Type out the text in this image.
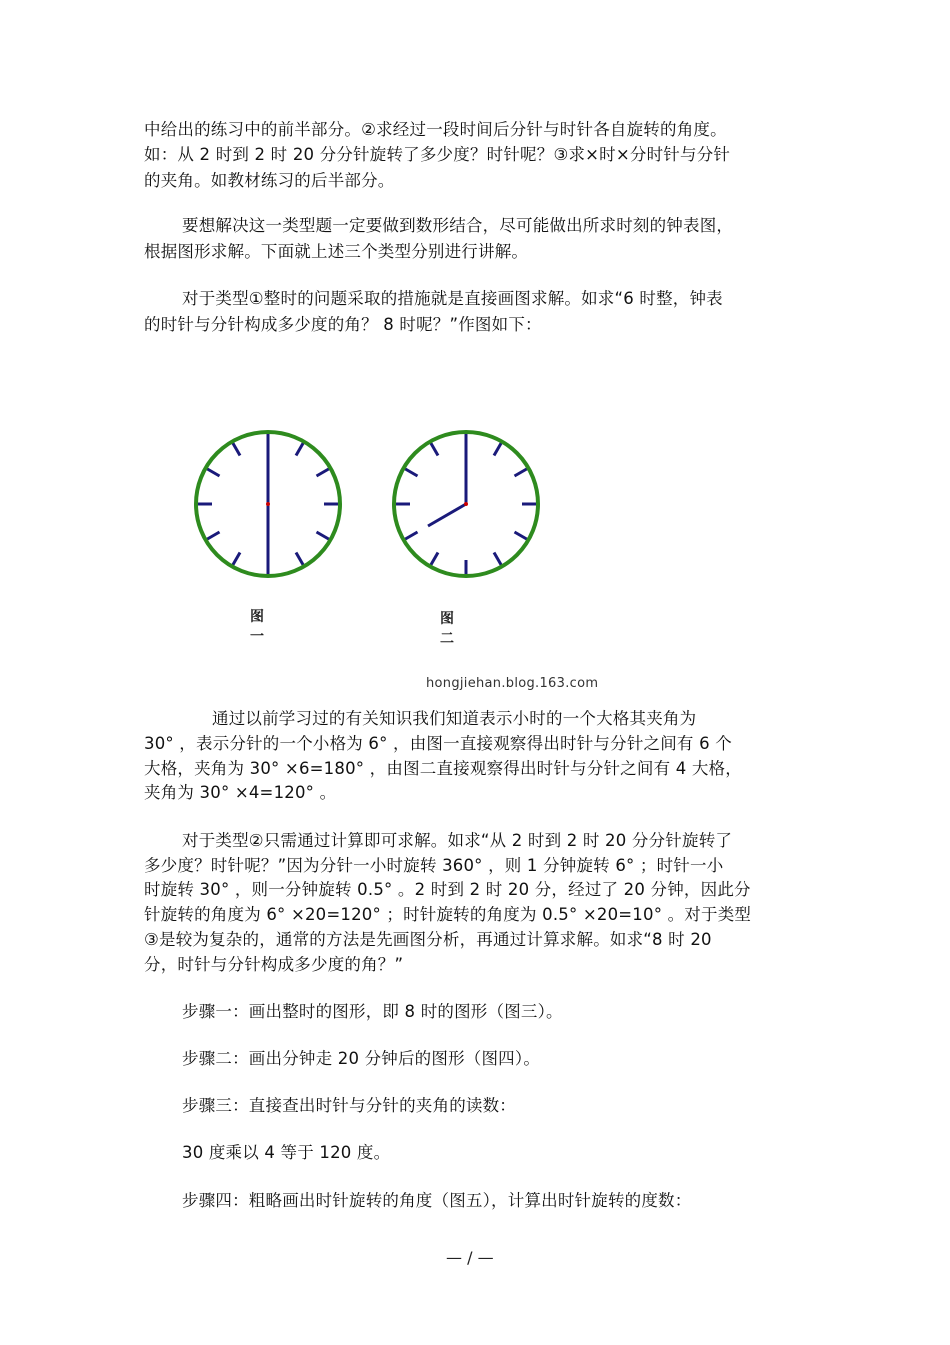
中给出的练习中的前半部分。②求经过一段时间后分针与时针各自旋转的角度。
如：从 2 时到 2 时 20 分分针旋转了多少度？时针呢？③求×时×分时针与分针
的夹角。如教材练习的后半部分。
要想解决这一类型题一定要做到数形结合，尽可能做出所求时刻的钟表图，
根据图形求解。下面就上述三个类型分别进行讲解。
对于类型①整时的问题采取的措施就是直接画图求解。如求“6 时整，钟表
的时针与分针构成多少度的角？ 8 时呢？”作图如下：
图一
图二
hongjiehan.blog.163.com
通过以前学习过的有关知识我们知道表示小时的一个大格其夹角为
30° ，表示分针的一个小格为 6° ，由图一直接观察得出时针与分针之间有 6 个
大格，夹角为 30° ×6=180° ，由图二直接观察得出时针与分针之间有 4 大格，
夹角为 30° ×4=120° 。
对于类型②只需通过计算即可求解。如求“从 2 时到 2 时 20 分分针旋转了
多少度？时针呢？”因为分针一小时旋转 360° ，则 1 分钟旋转 6° ；时针一小
时旋转 30° ，则一分钟旋转 0.5° 。2 时到 2 时 20 分，经过了 20 分钟，因此分
针旋转的角度为 6° ×20=120° ；时针旋转的角度为 0.5° ×20=10° 。对于类型
③是较为复杂的，通常的方法是先画图分析，再通过计算求解。如求“8 时 20
分，时针与分针构成多少度的角？”
步骤一：画出整时的图形，即 8 时的图形（图三）。
步骤二：画出分钟走 20 分钟后的图形（图四）。
步骤三：直接查出时针与分针的夹角的读数：
30 度乘以 4 等于 120 度。
步骤四：粗略画出时针旋转的角度（图五），计算出时针旋转的度数：
— / —
